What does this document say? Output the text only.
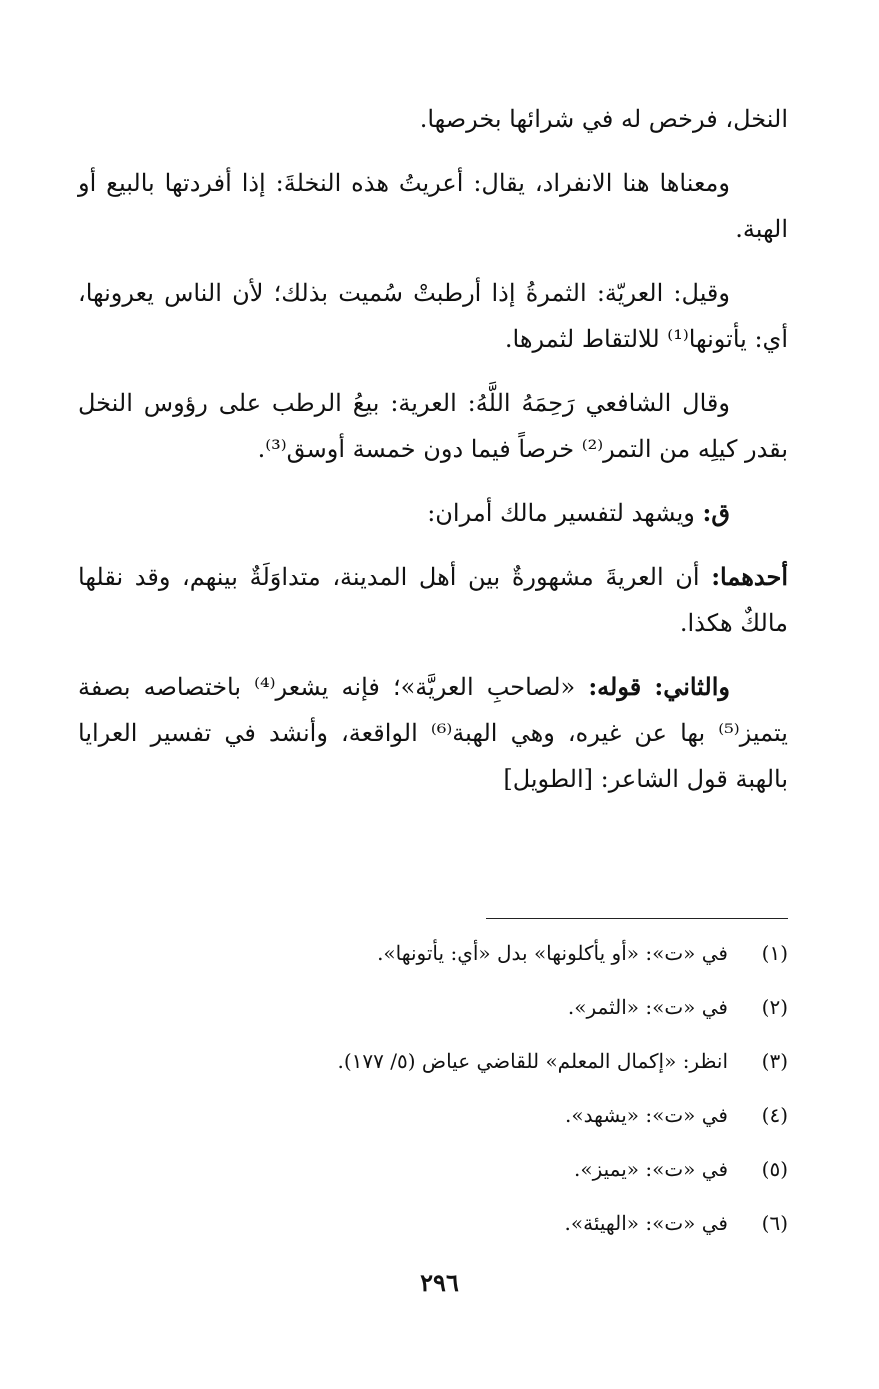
النخل، فرخص له في شرائها بخرصها.

ومعناها هنا الانفراد، يقال: أعريتُ هذه النخلةَ: إذا أفردتها بالبيع أو الهبة.

وقيل: العريّة: الثمرةُ إذا أرطبتْ سُميت بذلك؛ لأن الناس يعرونها، أي: يأتونها⁽¹⁾ للالتقاط لثمرها.

وقال الشافعي رَحِمَهُ اللَّهُ: العرية: بيعُ الرطب على رؤوس النخل بقدر كيلِه من التمر⁽²⁾ خرصاً فيما دون خمسة أوسق⁽³⁾.

ق: ويشهد لتفسير مالك أمران:

أحدهما: أن العريةَ مشهورةٌ بين أهل المدينة، متداوَلَةٌ بينهم، وقد نقلها مالكٌ هكذا.

والثاني: قوله: «لصاحبِ العريَّة»؛ فإنه يشعر⁽⁴⁾ باختصاصه بصفة يتميز⁽⁵⁾ بها عن غيره، وهي الهبة⁽⁶⁾ الواقعة، وأنشد في تفسير العرايا بالهبة قول الشاعر: [الطويل]

(١)
في «ت»: «أو يأكلونها» بدل «أي: يأتونها».
(٢)
في «ت»: «الثمر».
(٣)
انظر: «إكمال المعلم» للقاضي عياض (٥/ ١٧٧).
(٤)
في «ت»: «يشهد».
(٥)
في «ت»: «يميز».
(٦)
في «ت»: «الهيئة».
٢٩٦
